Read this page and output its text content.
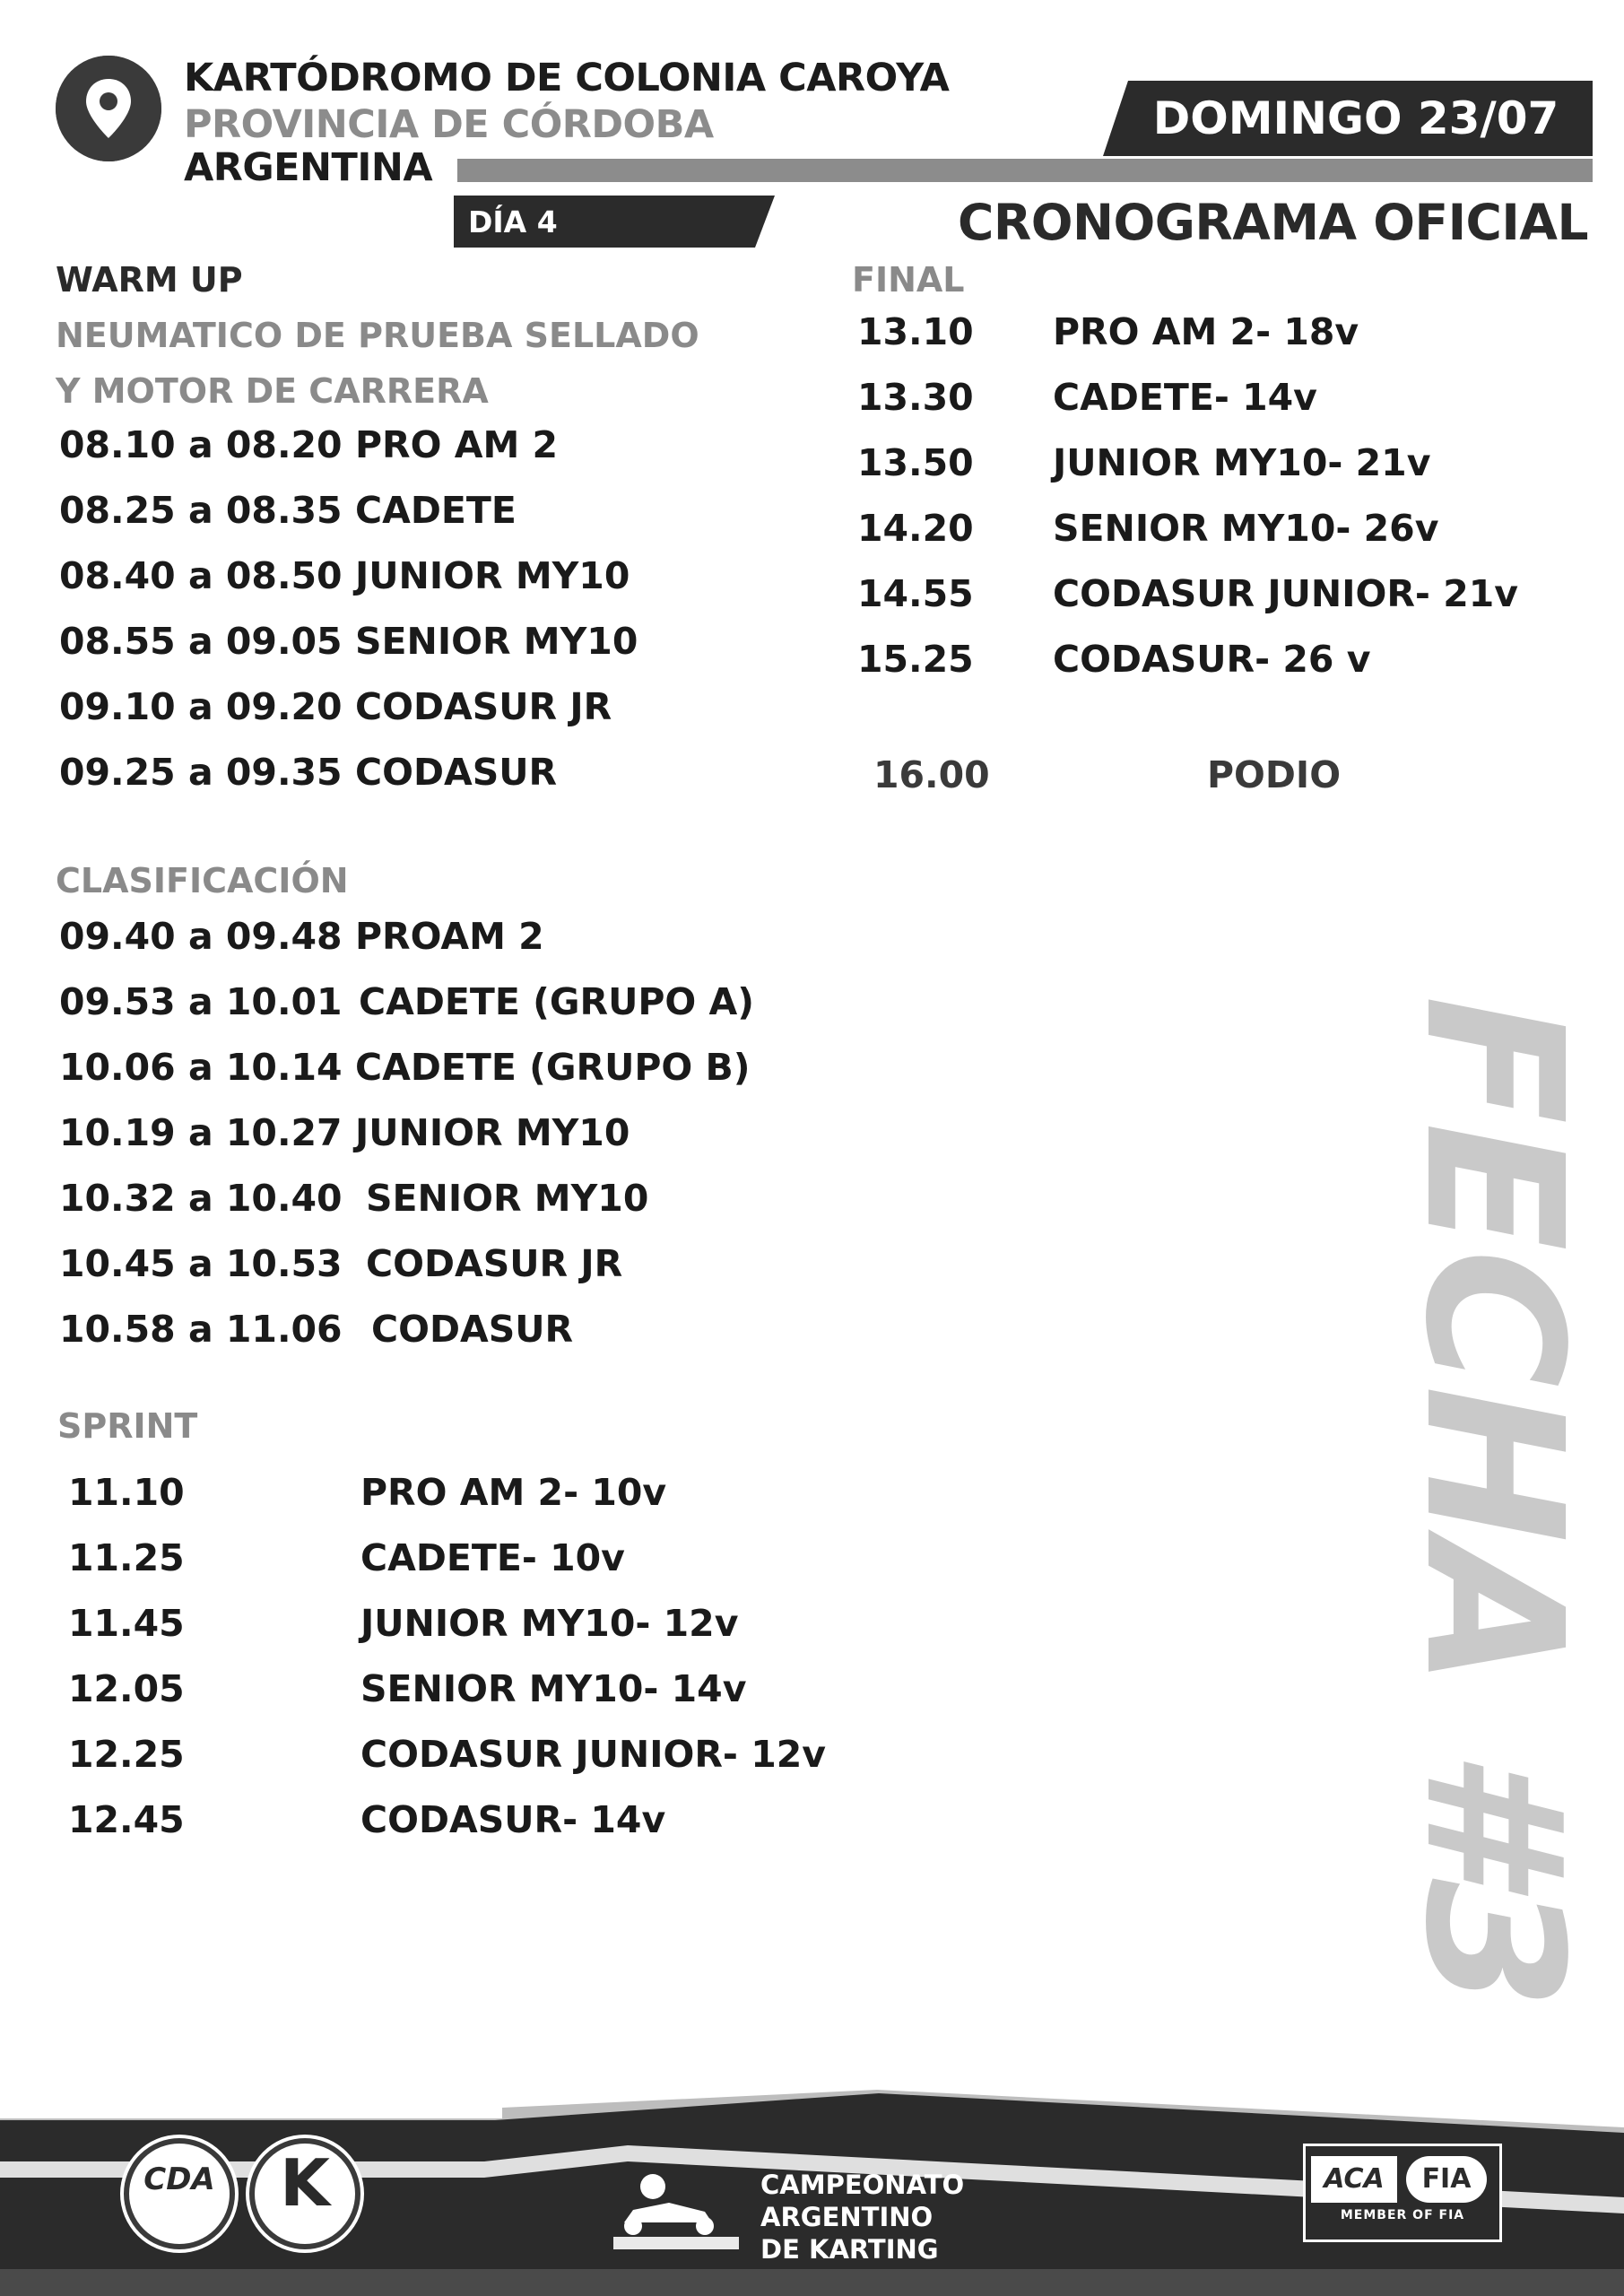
KARTÓDROMO DE COLONIA CAROYA
PROVINCIA DE CÓRDOBA
ARGENTINA
DOMINGO 23/07
DÍA 4	CRONOGRAMA OFICIAL
WARM UP
NEUMATICO DE PRUEBA SELLADO
Y MOTOR DE CARRERA
08.10 a 08.20 PRO AM 2
08.25 a 08.35 CADETE
08.40 a 08.50 JUNIOR MY10
08.55 a 09.05 SENIOR MY10
09.10 a 09.20 CODASUR JR
09.25 a 09.35 CODASUR
CLASIFICACIÓN
09.40 a 09.48 PROAM 2
09.53 a 10.01 CADETE (GRUPO A)
10.06 a 10.14 CADETE (GRUPO B)
10.19 a 10.27 JUNIOR MY10
10.32 a 10.40 SENIOR MY10
10.45 a 10.53 CODASUR JR
10.58 a 11.06 CODASUR
SPRINT
11.10	PRO AM 2- 10v
11.25	CADETE- 10v
11.45	JUNIOR MY10- 12v
12.05	SENIOR MY10- 14v
12.25	CODASUR JUNIOR- 12v
12.45	CODASUR- 14v
FINAL
13.10 PRO AM 2- 18v
13.30 CADETE- 14v
13.50 JUNIOR MY10- 21v
14.20 SENIOR MY10- 26v
14.55 CODASUR JUNIOR- 21v
15.25 CODASUR- 26 v
16.00	PODIO
FECHA #3
CDA	K	CAMPEONATO
ARGENTINO
DE KARTING
ACA	FIA
MEMBER OF FIA
